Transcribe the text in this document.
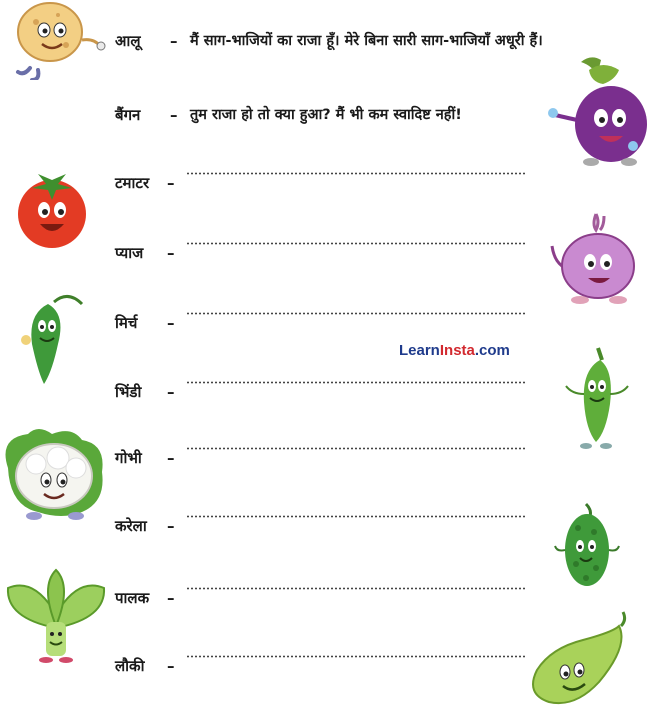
आलू – मैं साग-भाजियों का राजा हूँ। मेरे बिना सारी साग-भाजियाँ अधूरी हैं।
बैंगन – तुम राजा हो तो क्या हुआ? मैं भी कम स्वादिष्ट नहीं!
टमाटर –
प्याज –
मिर्च –
भिंडी –
गोभी –
करेला –
पालक –
लौकी –
LearnInsta.com
